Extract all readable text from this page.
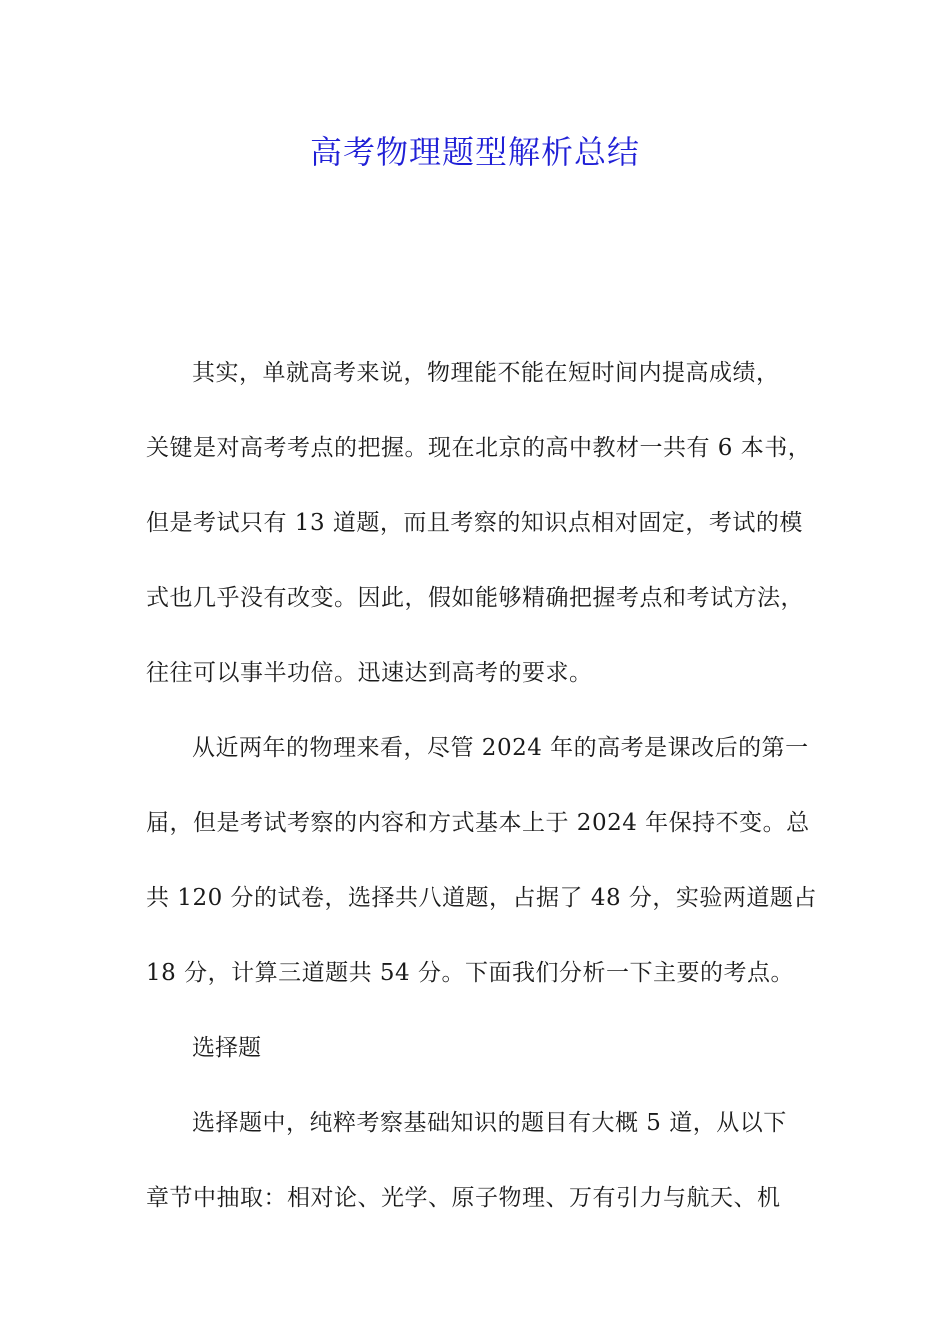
高考物理题型解析总结

其实，单就高考来说，物理能不能在短时间内提高成绩，
关键是对高考考点的把握。现在北京的高中教材一共有 6 本书，
但是考试只有 13 道题，而且考察的知识点相对固定，考试的模
式也几乎没有改变。因此，假如能够精确把握考点和考试方法，
往往可以事半功倍。迅速达到高考的要求。

从近两年的物理来看，尽管 2024 年的高考是课改后的第一
届，但是考试考察的内容和方式基本上于 2024 年保持不变。总
共 120 分的试卷，选择共八道题，占据了 48 分，实验两道题占
18 分，计算三道题共 54 分。下面我们分析一下主要的考点。

选择题

选择题中，纯粹考察基础知识的题目有大概 5 道，从以下
章节中抽取：相对论、光学、原子物理、万有引力与航天、机
